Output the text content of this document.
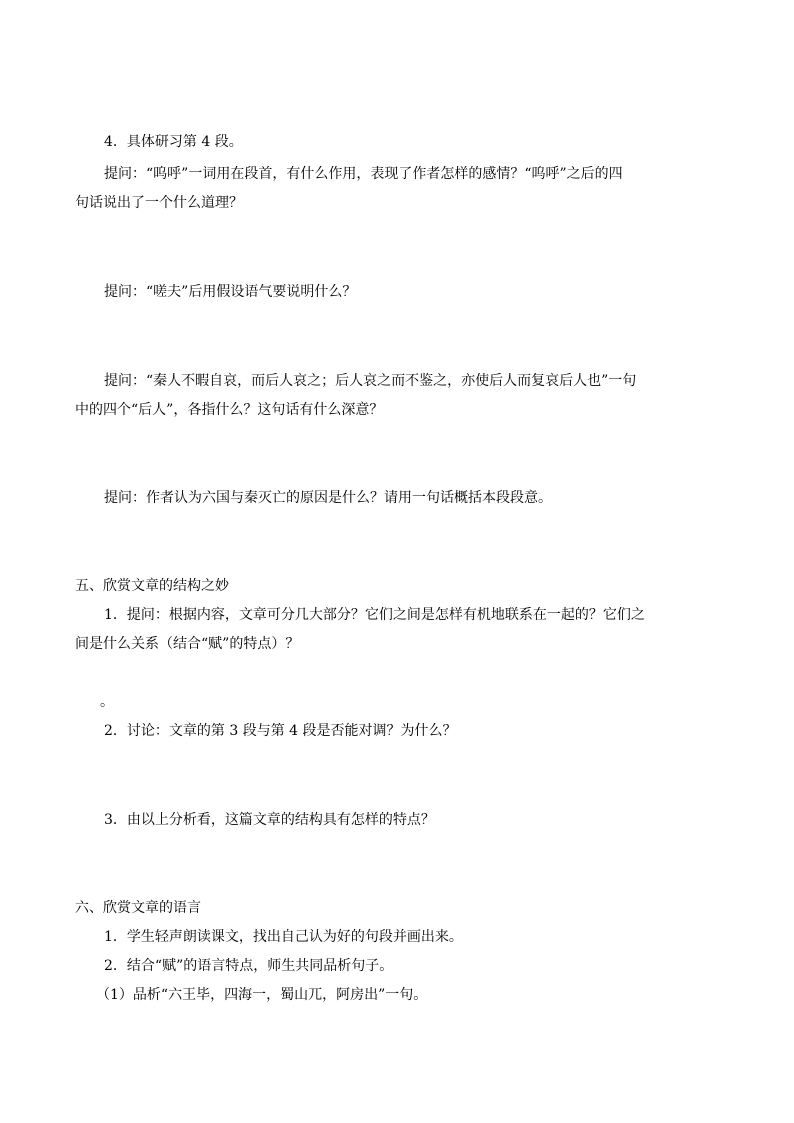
4．具体研习第 4 段。
提问：“呜呼”一词用在段首，有什么作用，表现了作者怎样的感情？“呜呼”之后的四
句话说出了一个什么道理？
提问：“嗟夫”后用假设语气要说明什么？
提问：“秦人不暇自哀，而后人哀之；后人哀之而不鉴之，亦使后人而复哀后人也”一句
中的四个“后人”，各指什么？这句话有什么深意？
提问：作者认为六国与秦灭亡的原因是什么？请用一句话概括本段段意。
五、欣赏文章的结构之妙
1．提问：根据内容，文章可分几大部分？它们之间是怎样有机地联系在一起的？它们之
间是什么关系（结合“赋”的特点）？
。
2．讨论：文章的第 3 段与第 4 段是否能对调？为什么？
3．由以上分析看，这篇文章的结构具有怎样的特点？
六、欣赏文章的语言
1．学生轻声朗读课文，找出自己认为好的句段并画出来。
2．结合“赋”的语言特点，师生共同品析句子。
（1）品析“六王毕，四海一，蜀山兀，阿房出”一句。
